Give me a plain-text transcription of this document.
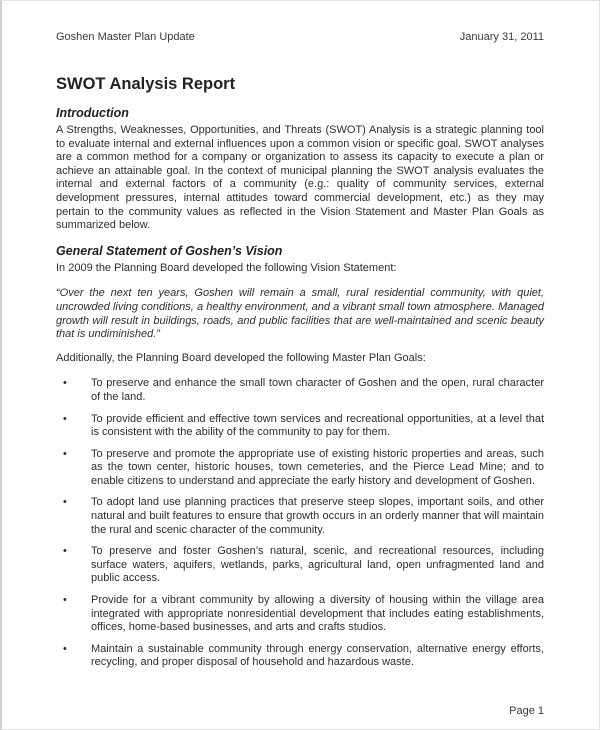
Goshen Master Plan Update	January 31, 2011
SWOT Analysis Report
Introduction

A Strengths, Weaknesses, Opportunities, and Threats (SWOT) Analysis is a strategic planning tool to evaluate internal and external influences upon a common vision or specific goal. SWOT analyses are a common method for a company or organization to assess its capacity to execute a plan or achieve an attainable goal. In the context of municipal planning the SWOT analysis evaluates the internal and external factors of a community (e.g.: quality of community services, external development pressures, internal attitudes toward commercial development, etc.) as they may pertain to the community values as reflected in the Vision Statement and Master Plan Goals as summarized below.

General Statement of Goshen’s Vision

In 2009 the Planning Board developed the following Vision Statement:

“Over the next ten years, Goshen will remain a small, rural residential community, with quiet, uncrowded living conditions, a healthy environment, and a vibrant small town atmosphere. Managed growth will result in buildings, roads, and public facilities that are well-maintained and scenic beauty that is undiminished.”

Additionally, the Planning Board developed the following Master Plan Goals:

•	To preserve and enhance the small town character of Goshen and the open, rural character of the land.
•	To provide efficient and effective town services and recreational opportunities, at a level that is consistent with the ability of the community to pay for them.
•	To preserve and promote the appropriate use of existing historic properties and areas, such as the town center, historic houses, town cemeteries, and the Pierce Lead Mine; and to enable citizens to understand and appreciate the early history and development of Goshen.
•	To adopt land use planning practices that preserve steep slopes, important soils, and other natural and built features to ensure that growth occurs in an orderly manner that will maintain the rural and scenic character of the community.
•	To preserve and foster Goshen’s natural, scenic, and recreational resources, including surface waters, aquifers, wetlands, parks, agricultural land, open unfragmented land and public access.
•	Provide for a vibrant community by allowing a diversity of housing within the village area integrated with appropriate nonresidential development that includes eating establishments, offices, home-based businesses, and arts and crafts studios.
•	Maintain a sustainable community through energy conservation, alternative energy efforts, recycling, and proper disposal of household and hazardous waste.
Page 1
